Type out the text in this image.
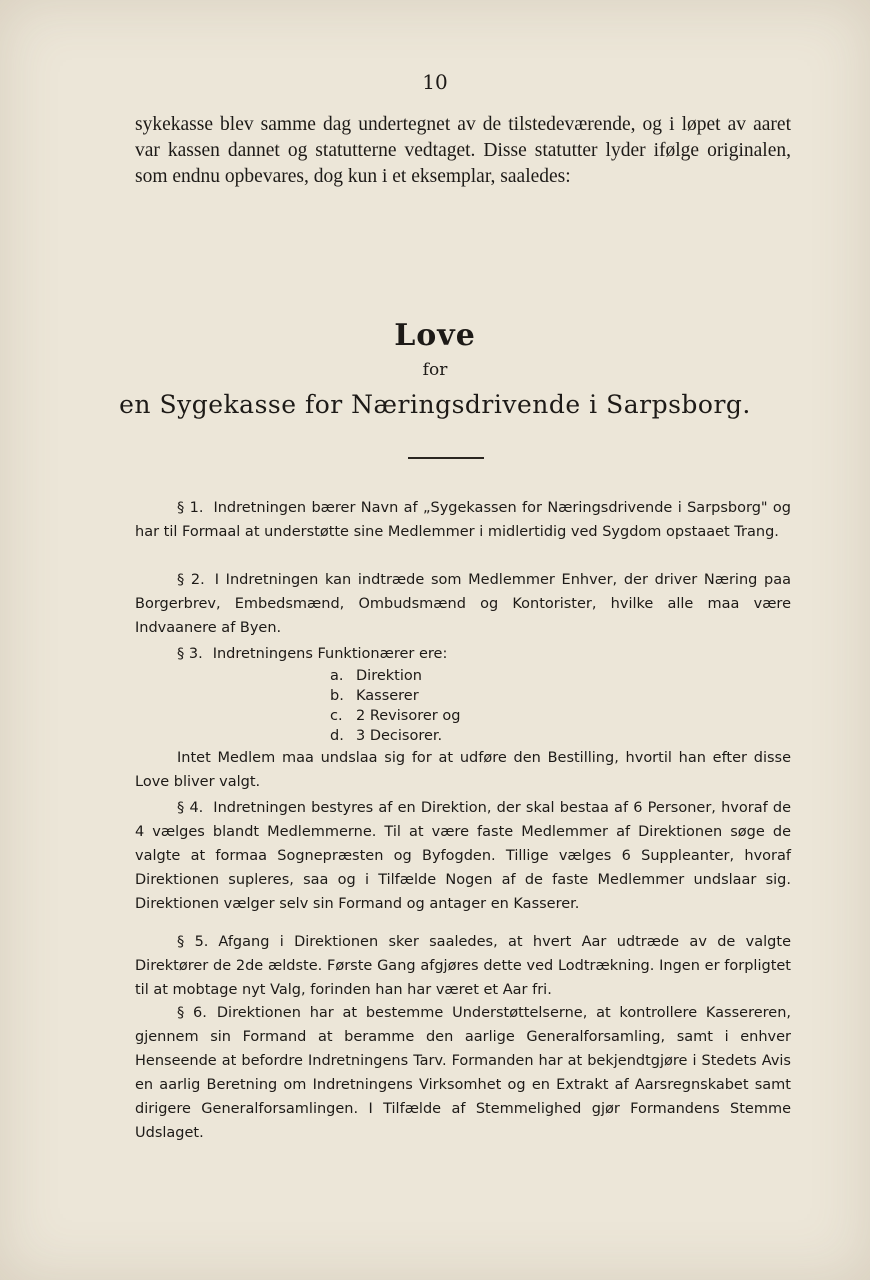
10

sykekasse blev samme dag undertegnet av de tilstedeværende, og i løpet av aaret var kassen dannet og statutterne vedtaget. Disse statutter lyder ifølge originalen, som endnu opbevares, dog kun i et eksemplar, saaledes:

Love
for
en Sygekasse for Næringsdrivende i Sarpsborg.

§ 1. Indretningen bærer Navn af „Sygekassen for Næringsdrivende i Sarpsborg" og har til Formaal at understøtte sine Medlemmer i midlertidig ved Sygdom opstaaet Trang.

§ 2. I Indretningen kan indtræde som Medlemmer Enhver, der driver Næring paa Borgerbrev, Embedsmænd, Ombudsmænd og Kontorister, hvilke alle maa være Indvaanere af Byen.

§ 3. Indretningens Funktionærer ere:

a. Direktion
b. Kasserer
c. 2 Revisorer og
d. 3 Decisorer.

Intet Medlem maa undslaa sig for at udføre den Bestilling, hvortil han efter disse Love bliver valgt.

§ 4. Indretningen bestyres af en Direktion, der skal bestaa af 6 Personer, hvoraf de 4 vælges blandt Medlemmerne. Til at være faste Medlemmer af Direktionen søge de valgte at formaa Sognepræsten og Byfogden. Tillige vælges 6 Suppleanter, hvoraf Direktionen supleres, saa og i Tilfælde Nogen af de faste Medlemmer undslaar sig. Direktionen vælger selv sin Formand og antager en Kasserer.

§ 5. Afgang i Direktionen sker saaledes, at hvert Aar udtræde av de valgte Direktører de 2de ældste. Første Gang afgjøres dette ved Lodtrækning. Ingen er forpligtet til at mobtage nyt Valg, forinden han har været et Aar fri.

§ 6. Direktionen har at bestemme Understøttelserne, at kontrollere Kassereren, gjennem sin Formand at beramme den aarlige Generalforsamling, samt i enhver Henseende at befordre Indretningens Tarv. Formanden har at bekjendtgjøre i Stedets Avis en aarlig Beretning om Indretningens Virksomhet og en Extrakt af Aarsregnskabet samt dirigere Generalforsamlingen. I Tilfælde af Stemmelighed gjør Formandens Stemme Udslaget.
